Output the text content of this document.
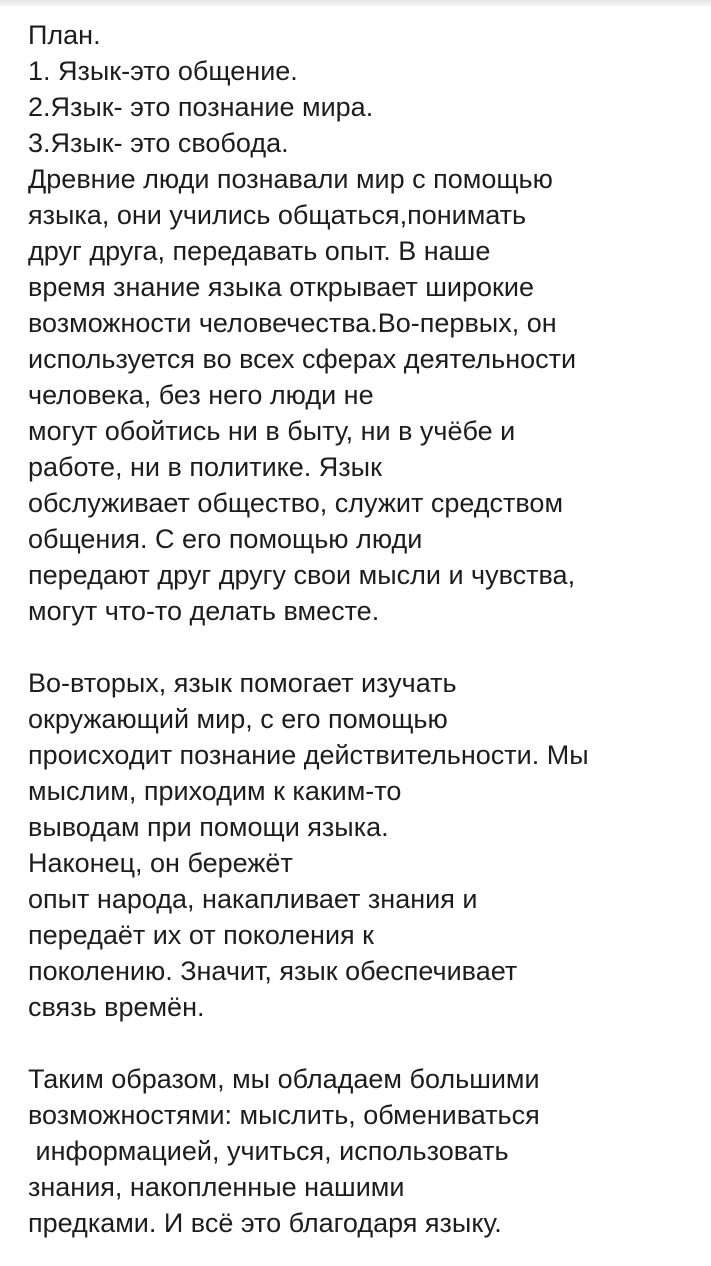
План.
1. Язык-это общение.
2.Язык- это познание мира.
3.Язык- это свобода.
Древние люди познавали мир с помощью
языка, они учились общаться,понимать
друг друга, передавать опыт. В наше
время знание языка открывает широкие
возможности человечества.Во-первых, он
используется во всех сферах деятельности
человека, без него люди не
могут обойтись ни в быту, ни в учёбе и
работе, ни в политике. Язык
обслуживает общество, служит средством
общения. С его помощью люди
передают друг другу свои мысли и чувства,
могут что-то делать вместе.
Во-вторых, язык помогает изучать
окружающий мир, с его помощью
происходит познание действительности. Мы
мыслим, приходим к каким-то
выводам при помощи языка.
Наконец, он бережёт
опыт народа, накапливает знания и
передаёт их от поколения к
поколению. Значит, язык обеспечивает
связь времён.
Таким образом, мы обладаем большими
возможностями: мыслить, обмениваться
информацией, учиться, использовать
знания, накопленные нашими
предками. И всё это благодаря языку.
